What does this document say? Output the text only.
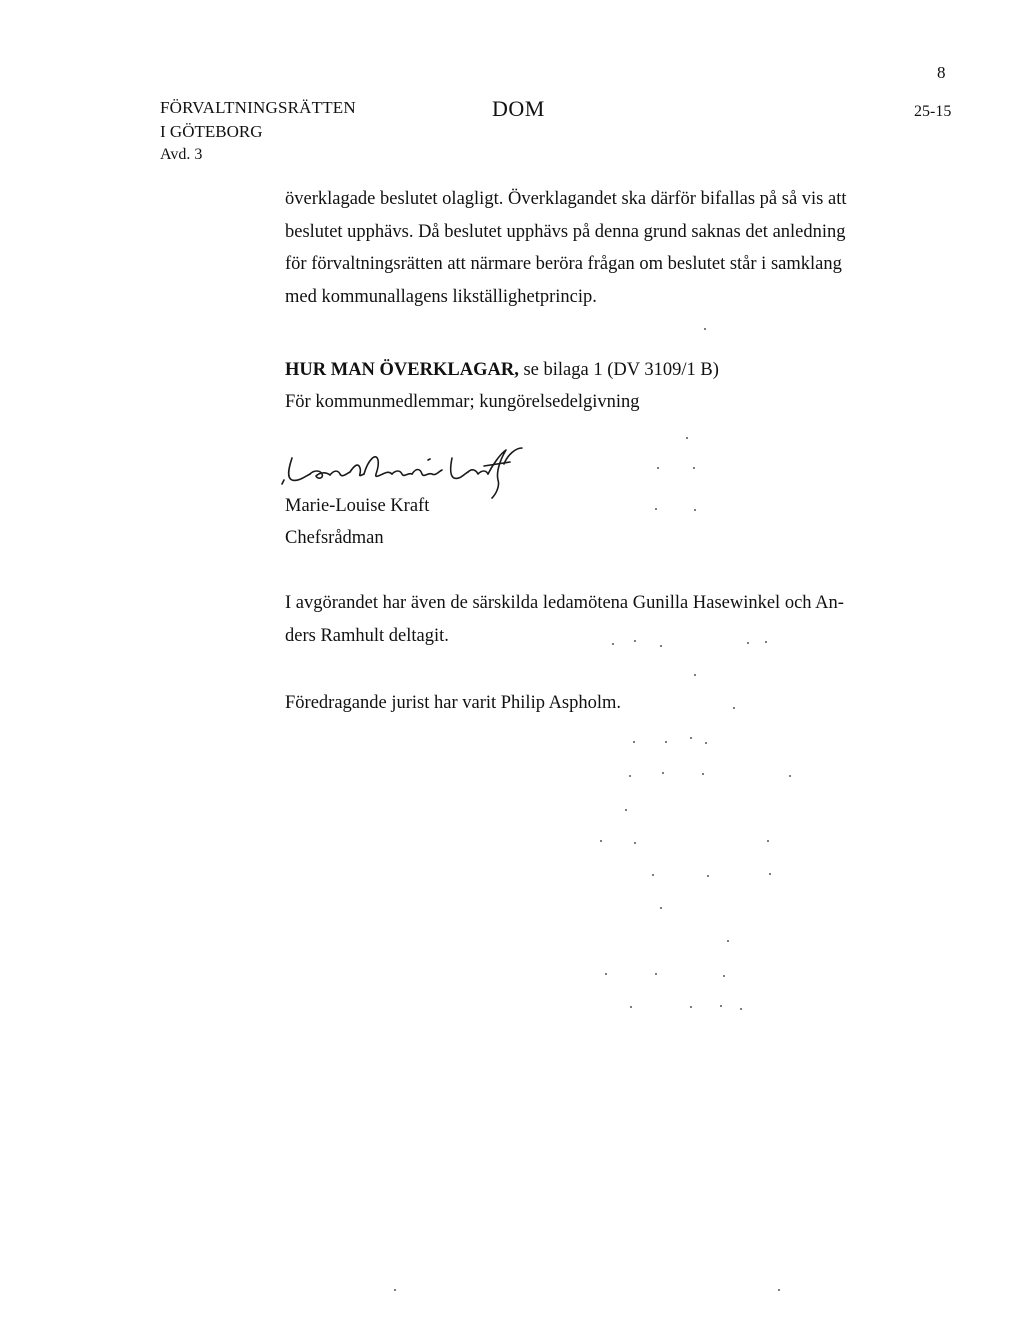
8
FÖRVALTNINGSRÄTTEN
I GÖTEBORG
Avd. 3
DOM	25-15
överklagade beslutet olagligt. Överklagandet ska därför bifallas på så vis att
beslutet upphävs. Då beslutet upphävs på denna grund saknas det anledning
för förvaltningsrätten att närmare beröra frågan om beslutet står i samklang
med kommunallagens likställighetprincip.
HUR MAN ÖVERKLAGAR, se bilaga 1 (DV 3109/1 B)
För kommunmedlemmar; kungörelsedelgivning
Marie-Louise Kraft
Chefsrådman
I avgörandet har även de särskilda ledamötena Gunilla Hasewinkel och An-
ders Ramhult deltagit.
Föredragande jurist har varit Philip Aspholm.
